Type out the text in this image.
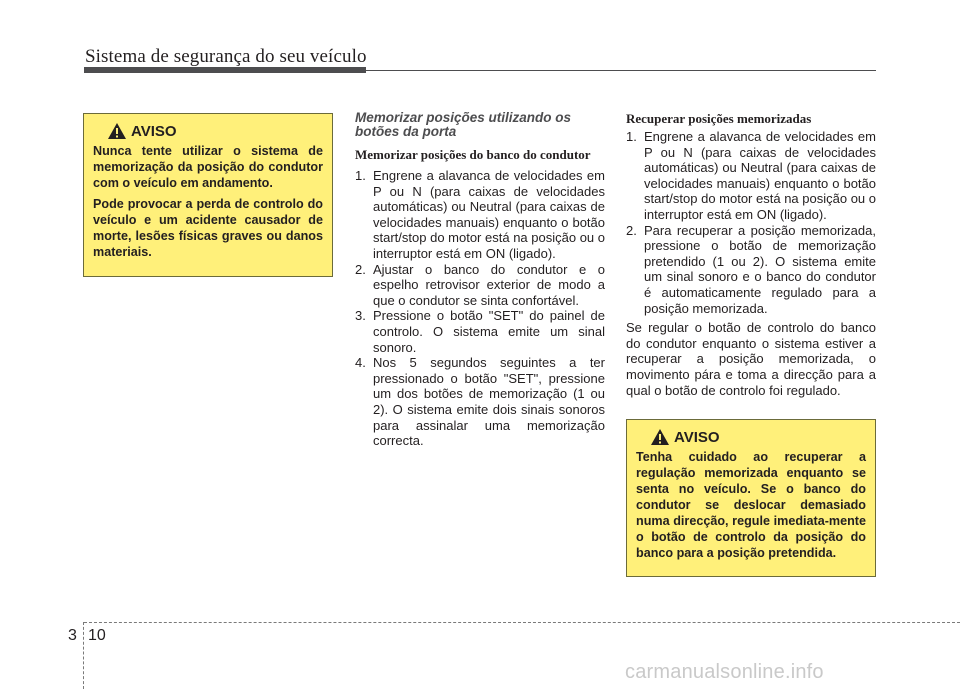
Sistema de segurança do seu veículo
AVISO

Nunca tente utilizar o sistema de memorização da posição do condutor com o veículo em andamento.

Pode provocar a perda de controlo do veículo e um acidente causador de morte, lesões físicas graves ou danos materiais.

Memorizar posições utilizando os botões da porta
Memorizar posições do banco do condutor
1. Engrene a alavanca de velocidades em P ou N (para caixas de velocidades automáticas) ou Neutral (para caixas de velocidades manuais) enquanto o botão start/stop do motor está na posição ou o interruptor está em ON (ligado).
2. Ajustar o banco do condutor e o espelho retrovisor exterior de modo a que o condutor se sinta confortável.
3. Pressione o botão "SET" do painel de controlo. O sistema emite um sinal sonoro.
4. Nos 5 segundos seguintes a ter pressionado o botão "SET", pressione um dos botões de memorização (1 ou 2). O sistema emite dois sinais sonoros para assinalar uma memorização correcta.
Recuperar posições memorizadas
1. Engrene a alavanca de velocidades em P ou N (para caixas de velocidades automáticas) ou Neutral (para caixas de velocidades manuais) enquanto o botão start/stop do motor está na posição ou o interruptor está em ON (ligado).
2. Para recuperar a posição memorizada, pressione o botão de memorização pretendido (1 ou 2). O sistema emite um sinal sonoro e o banco do condutor é automaticamente regulado para a posição memorizada.
Se regular o botão de controlo do banco do condutor enquanto o sistema estiver a recuperar a posição memorizada, o movimento pára e toma a direcção para a qual o botão de controlo foi regulado.
AVISO

Tenha cuidado ao recuperar a regulação memorizada enquanto se senta no veículo. Se o banco do condutor se deslocar demasiado numa direcção, regule imediata-mente o botão de controlo da posição do banco para a posição pretendida.

3 10
carmanualsonline.info
